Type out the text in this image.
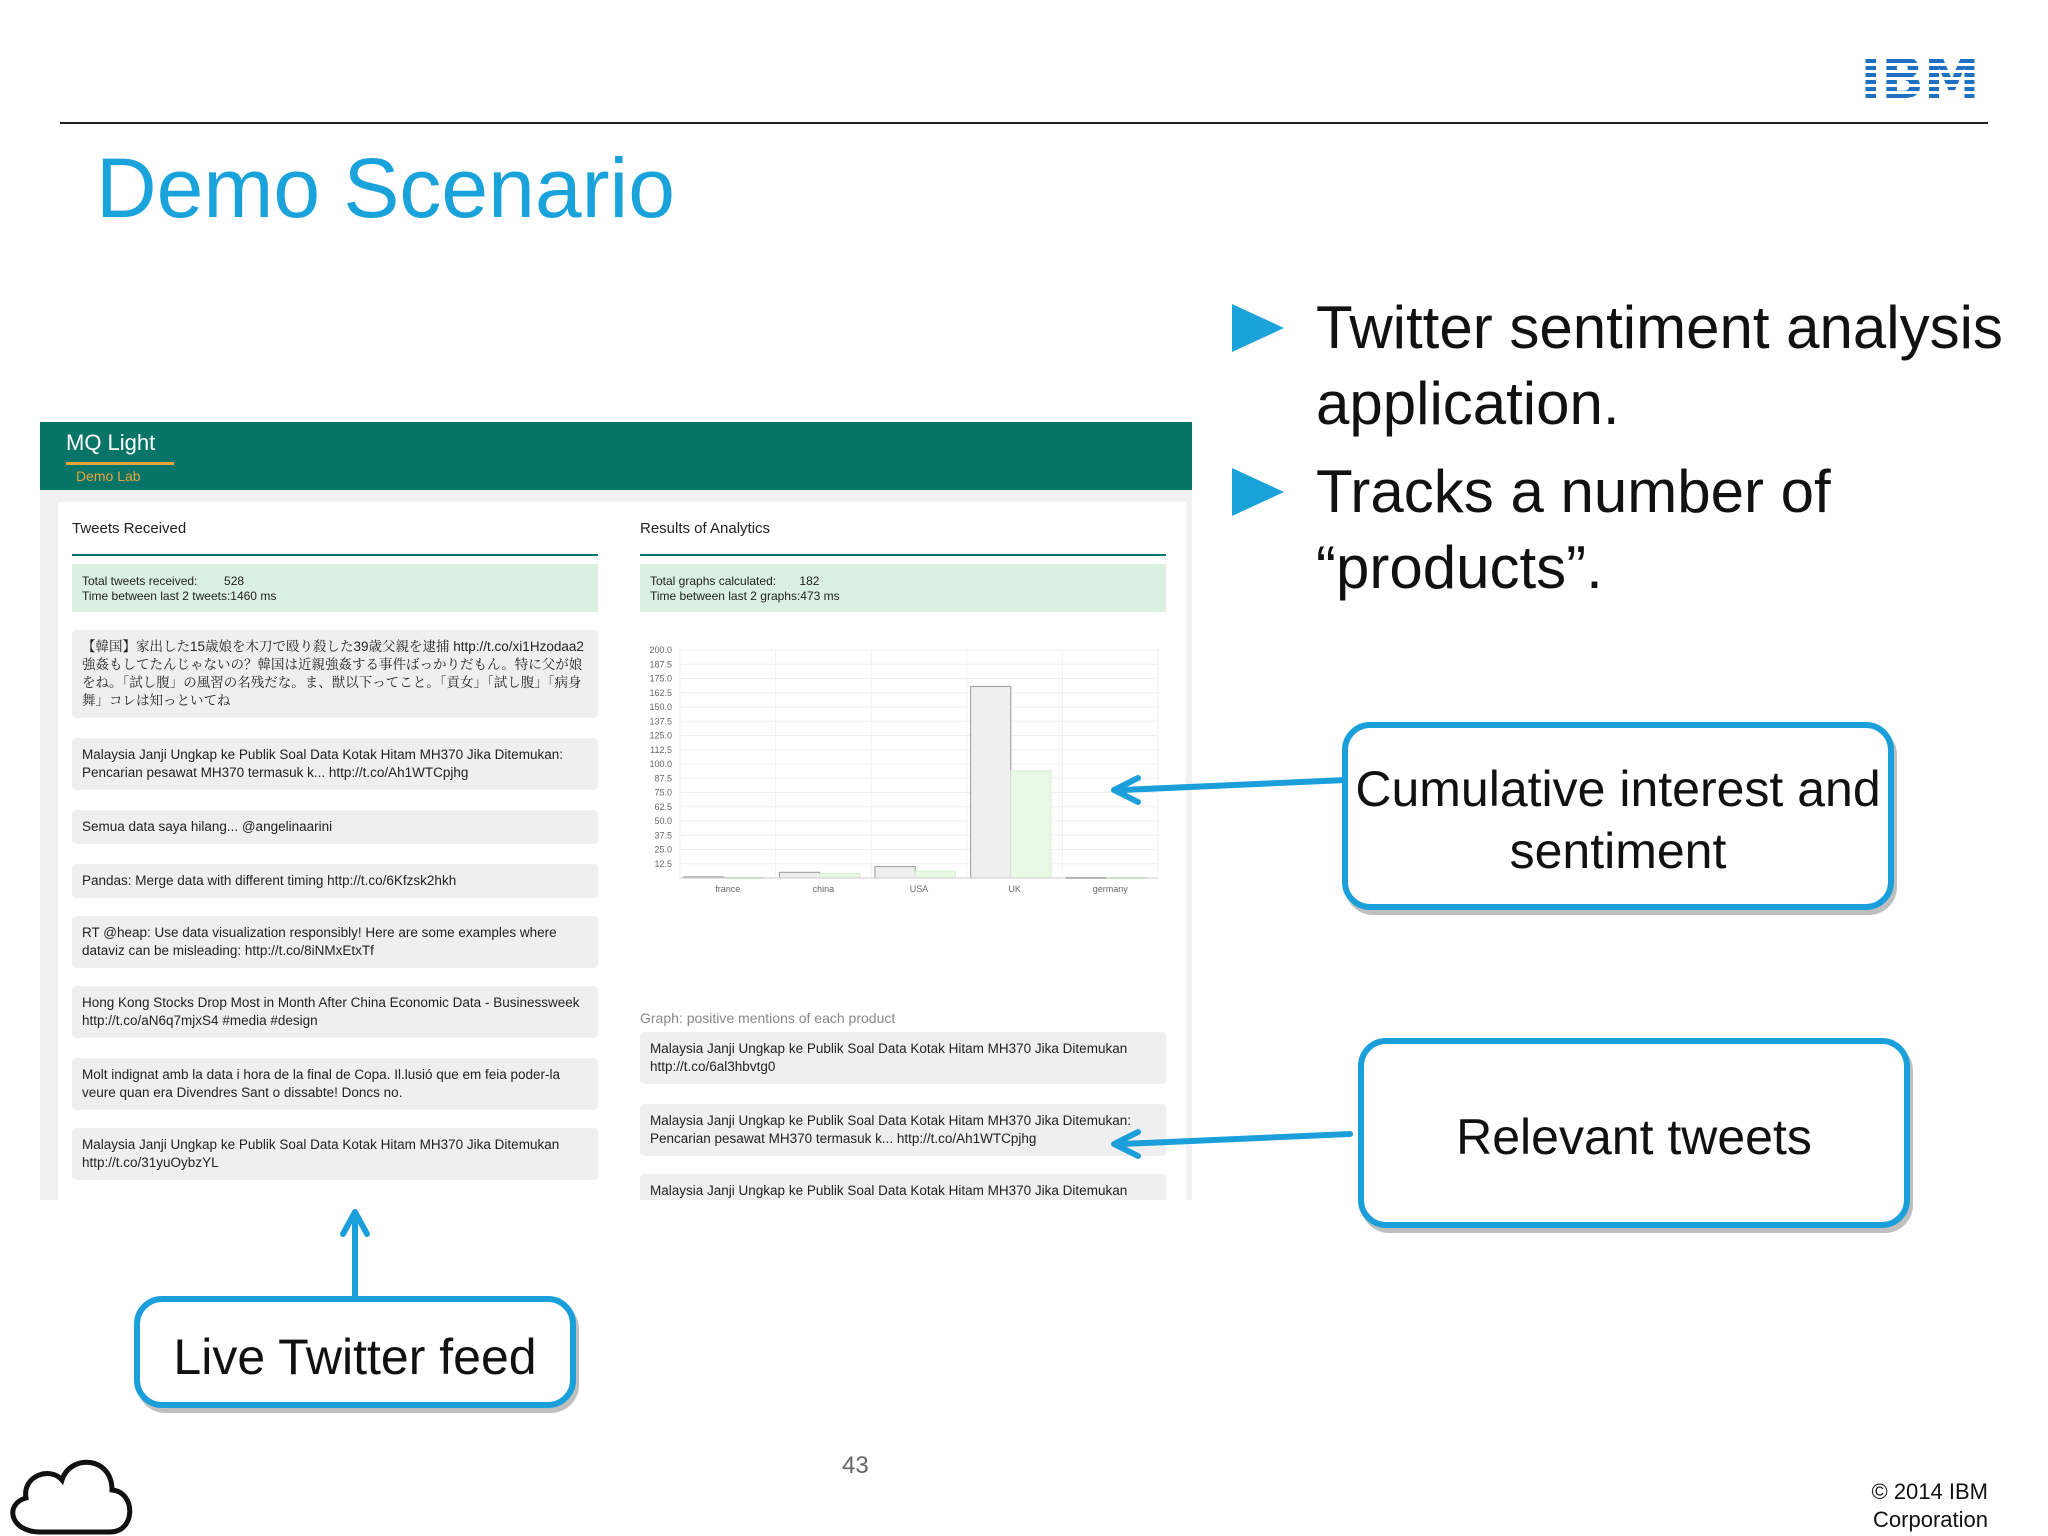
Demo Scenario
Twitter sentiment analysis application.
Tracks a number of “products”.
MQ Light
Demo Lab
Tweets Received
Total tweets received:        528
Time between last 2 tweets:1460 ms
【韓国】家出した15歳娘を木刀で殴り殺した39歳父親を逮捕 http://t.co/xi1Hzodaa2 強姦もしてたんじゃないの？韓国は近親強姦する事件ばっかりだもん。特に父が娘をね。「試し腹」の風習の名残だな。ま、獣以下ってこと。「貢女」「試し腹」「病身舞」コレは知っといてね
Malaysia Janji Ungkap ke Publik Soal Data Kotak Hitam MH370 Jika Ditemukan: Pencarian pesawat MH370 termasuk k... http://t.co/Ah1WTCpjhg
Semua data saya hilang... @angelinaarini
Pandas: Merge data with different timing http://t.co/6Kfzsk2hkh
RT @heap: Use data visualization responsibly! Here are some examples where dataviz can be misleading: http://t.co/8iNMxEtxTf
Hong Kong Stocks Drop Most in Month After China Economic Data - Businessweek http://t.co/aN6q7mjxS4 #media #design
Molt indignat amb la data i hora de la final de Copa. Il.lusió que em feia poder-la veure quan era Divendres Sant o dissabte! Doncs no.
Malaysia Janji Ungkap ke Publik Soal Data Kotak Hitam MH370 Jika Ditemukan http://t.co/31yuOybzYL
Results of Analytics
Total graphs calculated:       182
Time between last 2 graphs:473 ms
12.5
25.0
37.5
50.0
62.5
75.0
87.5
100.0
112.5
125.0
137.5
150.0
162.5
175.0
187.5
200.0
france	china	USA	UK	germany
Graph: positive mentions of each product
Malaysia Janji Ungkap ke Publik Soal Data Kotak Hitam MH370 Jika Ditemukan http://t.co/6al3hbvtg0
Malaysia Janji Ungkap ke Publik Soal Data Kotak Hitam MH370 Jika Ditemukan: Pencarian pesawat MH370 termasuk k... http://t.co/Ah1WTCpjhg
Malaysia Janji Ungkap ke Publik Soal Data Kotak Hitam MH370 Jika Ditemukan
Cumulative interest and sentiment
Relevant tweets
Live Twitter feed
43
© 2014 IBM Corporation
